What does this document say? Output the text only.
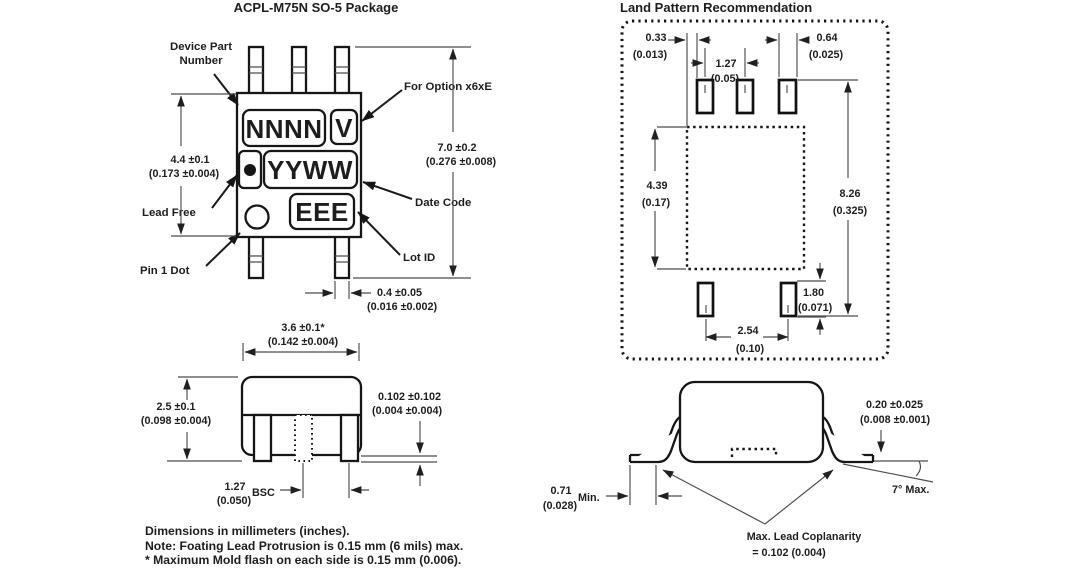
ACPL-M75N SO-5 Package	Land Pattern Recommendation
NNNN V
YYWW
EEE
Device Part
Number
For Option x6xE
Date Code
Lot ID
Lead Free
Pin 1 Dot
4.4 ±0.1
(0.173 ±0.004)
7.0 ±0.2
(0.276 ±0.008)
0.4 ±0.05
(0.016 ±0.002)
3.6 ±0.1*
(0.142 ±0.004)
2.5 ±0.1
(0.098 ±0.004)
0.102 ±0.102
(0.004 ±0.004)
1.27
(0.050)
BSC
Dimensions in millimeters (inches).
Note: Foating Lead Protrusion is 0.15 mm (6 mils) max.
* Maximum Mold flash on each side is 0.15 mm (0.006).
0.33
(0.013)
1.27
(0.05)
0.64
(0.025)
4.39
(0.17)
8.26
(0.325)
1.80
(0.071)
2.54
(0.10)
7° Max.
0.20 ±0.025
(0.008 ±0.001)
0.71
(0.028)
Min.
Max. Lead Coplanarity
= 0.102 (0.004)
